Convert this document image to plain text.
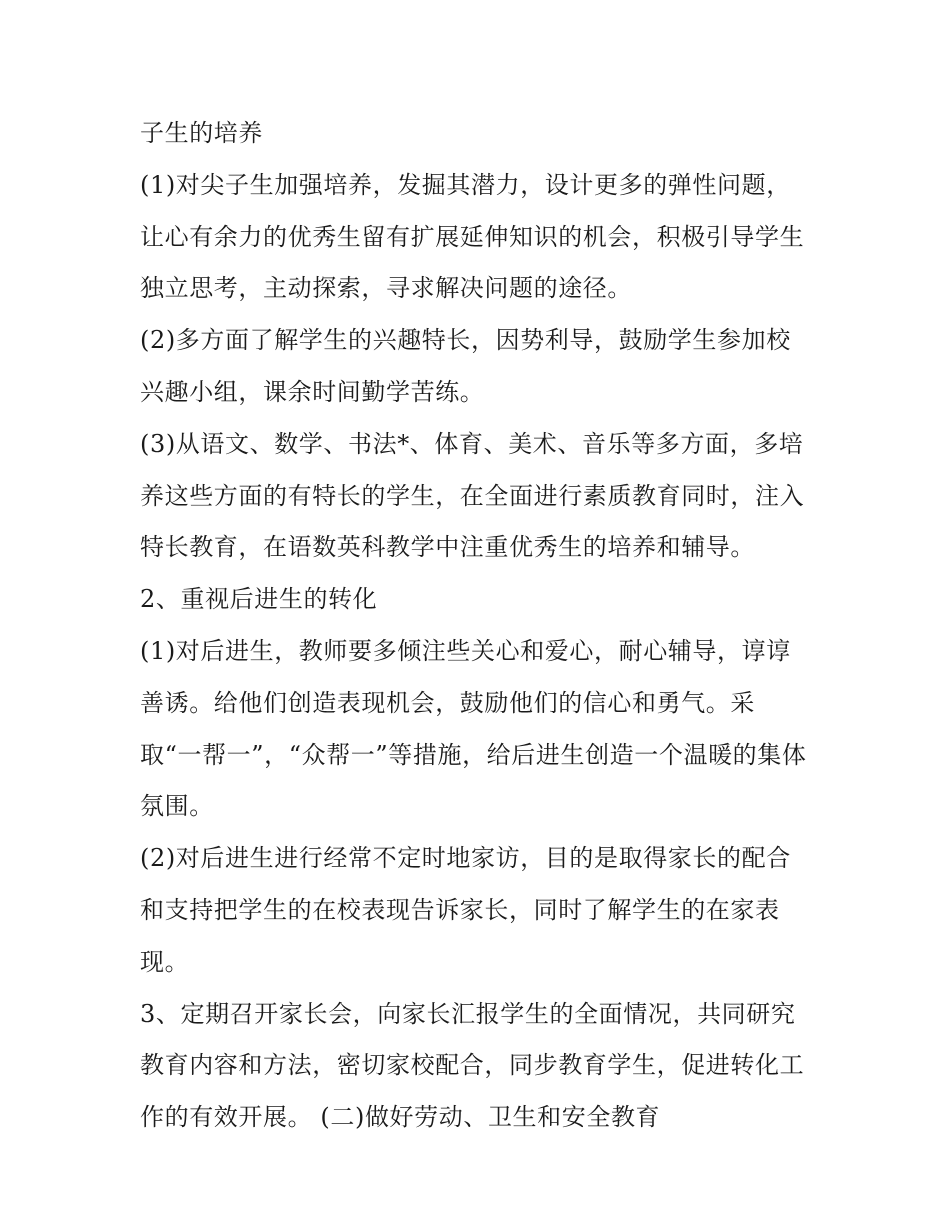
子生的培养
(1)对尖子生加强培养，发掘其潜力，设计更多的弹性问题，
让心有余力的优秀生留有扩展延伸知识的机会，积极引导学生
独立思考，主动探索，寻求解决问题的途径。
(2)多方面了解学生的兴趣特长，因势利导，鼓励学生参加校
兴趣小组，课余时间勤学苦练。
(3)从语文、数学、书法*、体育、美术、音乐等多方面，多培
养这些方面的有特长的学生，在全面进行素质教育同时，注入
特长教育，在语数英科教学中注重优秀生的培养和辅导。
2、重视后进生的转化
(1)对后进生，教师要多倾注些关心和爱心，耐心辅导，谆谆
善诱。给他们创造表现机会，鼓励他们的信心和勇气。采
取“一帮一”，“众帮一”等措施，给后进生创造一个温暖的集体
氛围。
(2)对后进生进行经常不定时地家访，目的是取得家长的配合
和支持把学生的在校表现告诉家长，同时了解学生的在家表
现。
3、定期召开家长会，向家长汇报学生的全面情况，共同研究
教育内容和方法，密切家校配合，同步教育学生，促进转化工
作的有效开展。 (二)做好劳动、卫生和安全教育
